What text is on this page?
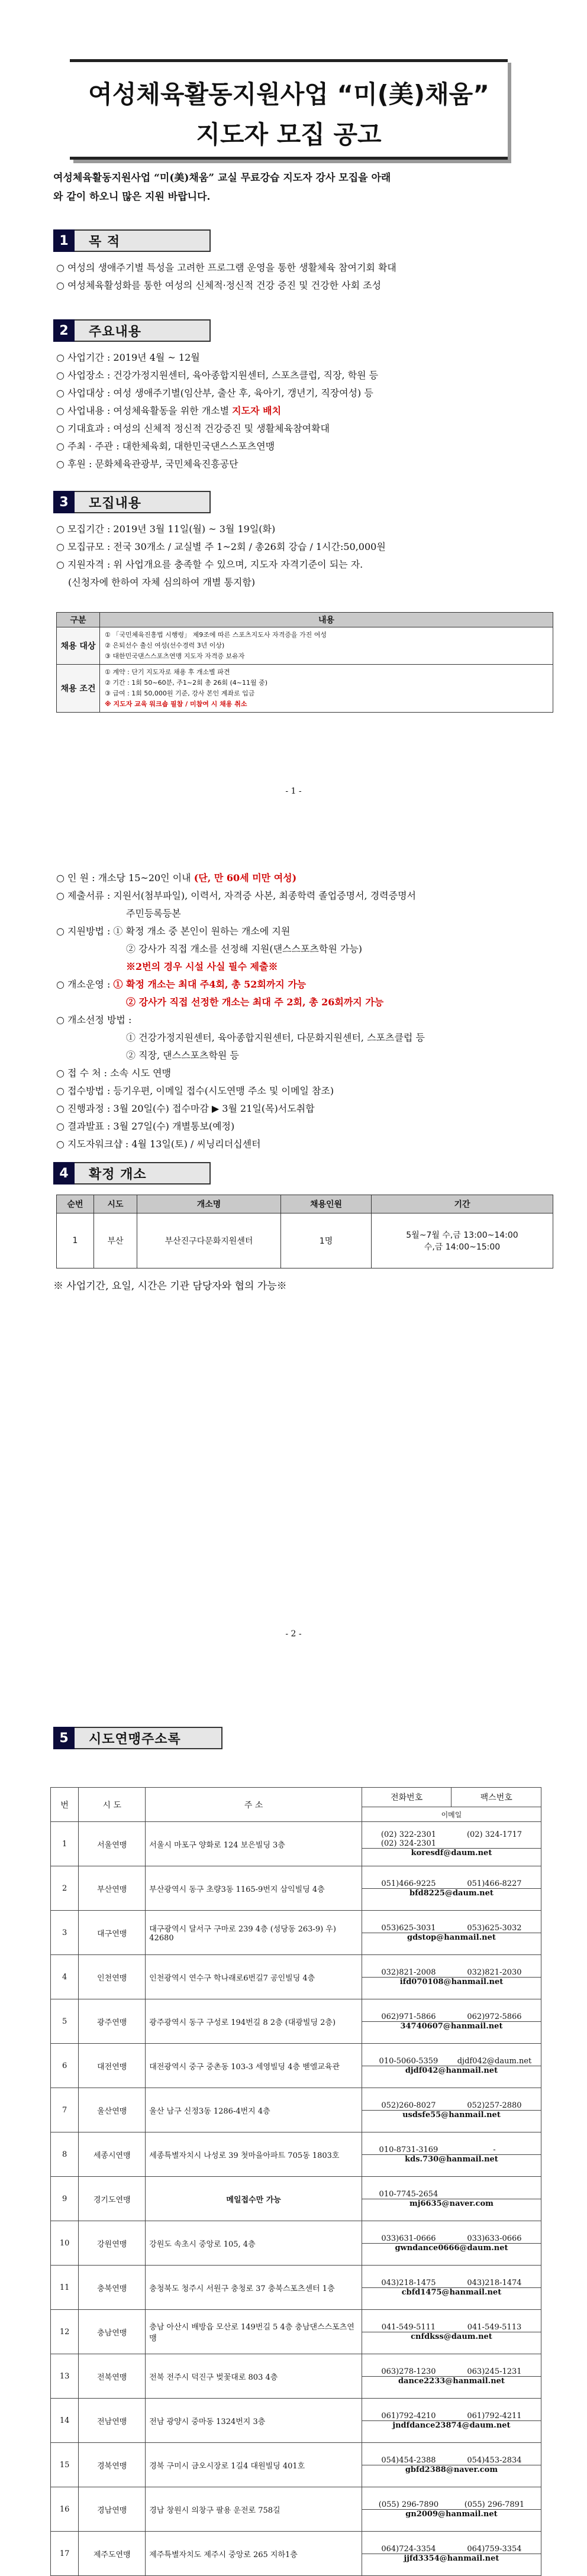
여성체육활동지원사업 “미(美)채움”
지도자 모집 공고
여성체육활동지원사업 “미(美)채움” 교실 무료강습 지도자 강사 모집을 아래
와 같이 하오니 많은 지원 바랍니다.
1	목 적
○ 여성의 생애주기별 특성을 고려한 프로그램 운영을 통한 생활체육 참여기회 확대
○ 여성체육활성화를 통한 여성의 신체적·정신적 건강 증진 및 건강한 사회 조성
2	주요내용
○ 사업기간 : 2019년 4월 ~ 12월
○ 사업장소 : 건강가정지원센터, 육아종합지원센터, 스포츠클럽, 직장, 학원 등
○ 사업대상 : 여성 생애주기별(임산부, 출산 후, 육아기, 갱년기, 직장여성) 등
○ 사업내용 : 여성체육활동을 위한 개소별 지도자 배치
○ 기대효과 : 여성의 신체적 정신적 건강증진 및 생활체육참여확대
○ 주최 · 주관 : 대한체육회, 대한민국댄스스포츠연맹
○ 후원 : 문화체육관광부, 국민체육진흥공단
3	모집내용
○ 모집기간 : 2019년 3월 11일(월) ~ 3월 19일(화)
○ 모집규모 : 전국 30개소 / 교실별 주 1~2회 / 총26회 강습 / 1시간:50,000원
○ 지원자격 : 위 사업개요를 충족할 수 있으며, 지도자 자격기준이 되는 자.
(신청자에 한하여 자체 심의하여 개별 통지함)
구분	내용
채용 대상	① 「국민체육진흥법 시행령」 제9조에 따른 스포츠지도사 자격증을 가진 여성
② 은퇴선수 출신 여성(선수경력 3년 이상)
③ 대한민국댄스스포츠연맹 지도자 자격증 보유자

채용 조건	① 계약 : 단기 지도자로 채용 후 개소별 파견
② 기간 : 1회 50~60분, 주1~2회 총 26회 (4~11월 중)
③ 급여 : 1회 50,000원 기준, 강사 본인 계좌로 입금
※ 지도자 교육 워크숍 필참 / 미참여 시 채용 취소
- 1 -
○ 인 원 : 개소당 15~20인 이내 (단, 만 60세 미만 여성)
○ 제출서류 : 지원서(첨부파일), 이력서, 자격증 사본, 최종학력 졸업증명서, 경력증명서
주민등록등본
○ 지원방법 : ① 확정 개소 중 본인이 원하는 개소에 지원
② 강사가 직접 개소를 선정해 지원(댄스스포츠학원 가능)
※2번의 경우 시설 사실 필수 제출※
○ 개소운영 : ① 확정 개소는 최대 주4회, 총 52회까지 가능
② 강사가 직접 선정한 개소는 최대 주 2회, 총 26회까지 가능
○ 개소선정 방법 :
① 건강가정지원센터, 육아종합지원센터, 다문화지원센터, 스포츠클럽 등
② 직장, 댄스스포츠학원 등
○ 접 수 처 : 소속 시도 연맹
○ 접수방법 : 등기우편, 이메일 접수(시도연맹 주소 및 이메일 참조)
○ 진행과정 : 3월 20일(수) 접수마감 ▶ 3월 21일(목)서도취합
○ 결과발표 : 3월 27일(수) 개별통보(예정)
○ 지도자워크샵 : 4월 13일(토) / 씨닝리더십센터
4	확정 개소
순번	시도	개소명	채용인원	기간
1	부산	부산진구다문화지원센터	1명	5월~7월 수,금 13:00~14:00
수,금 14:00~15:00
※ 사업기간, 요일, 시간은 기관 담당자와 협의 가능※
- 2 -
5	시도연맹주소록
번	시 도	주 소	전화번호	팩스번호
			이메일	
1	서울연맹	서울시 마포구 양화로 124 보은빌딩 3층	(02) 322-2301
(02) 324-2301
(02) 324-1717
koresdf@daum.net	

2	부산연맹	부산광역시 동구 초량3동 1165-9번지 삼익빌딩 4층	051)466-9225 051)466-8227
bfd8225@daum.net	

3	대구연맹	대구광역시 달서구 구마로 239 4층 (성당동 263-9) 우) 42680	053)625-3031 053)625-3032
gdstop@hanmail.net	

4	인천연맹	인천광역시 연수구 학나래로6번길7 공인빌딩 4층	032)821-2008 032)821-2030
ifd070108@hanmail.net	

5	광주연맹	광주광역시 동구 구성로 194번길 8 2층 (대광빌딩 2층)	062)971-5866 062)972-5866
34740607@hanmail.net	

6	대전연맹	대전광역시 중구 중촌동 103-3 세영빌딩 4층 벧엘교육관	010-5060-5359 djdf042@daum.net
djdf042@hanmail.net	

7	울산연맹	울산 남구 신정3동 1286-4번지 4층	052)260-8027 052)257-2880
usdsfe55@hanmail.net	

8	세종시연맹	세종특별자치시 나성로 39 첫마을아파트 705동 1803호	010-8731-3169 -
kds.730@hanmail.net	

9	경기도연맹	메일접수만 가능	010-7745-2654
mj6635@naver.com	

10	강원연맹	강원도 속초시 중앙로 105, 4층	033)631-0666 033)633-0666
gwndance0666@daum.net	

11	충북연맹	충청북도 청주시 서원구 충청로 37 충북스포츠센터 1층	043)218-1475 043)218-1474
cbfd1475@hanmail.net	

12	충남연맹	충남 아산시 배방읍 모산로 149번길 5 4층 충남댄스스포츠연맹	041-549-5111 041-549-5113
cnfdkss@daum.net	

13	전북연맹	전북 전주시 덕진구 벚꽃대로 803 4층	063)278-1230 063)245-1231
dance2233@hanmail.net	

14	전남연맹	전남 광양시 중마동 1324번지 3층	061)792-4210 061)792-4211
jndfdance23874@daum.net	

15	경북연맹	경북 구미시 금오시장로 1길4 대원빌딩 401호	054)454-2388 054)453-2834
gbfd2388@naver.com	

16	경남연맹	경남 창원시 의창구 팔용 운전로 758길	(055) 296-7890 (055) 296-7891
gn2009@hanmail.net	

17	제주도연맹	제주특별자치도 제주시 중앙로 265 지하1층	064)724-3354 064)759-3354
jjfd3354@hanmail.net	
